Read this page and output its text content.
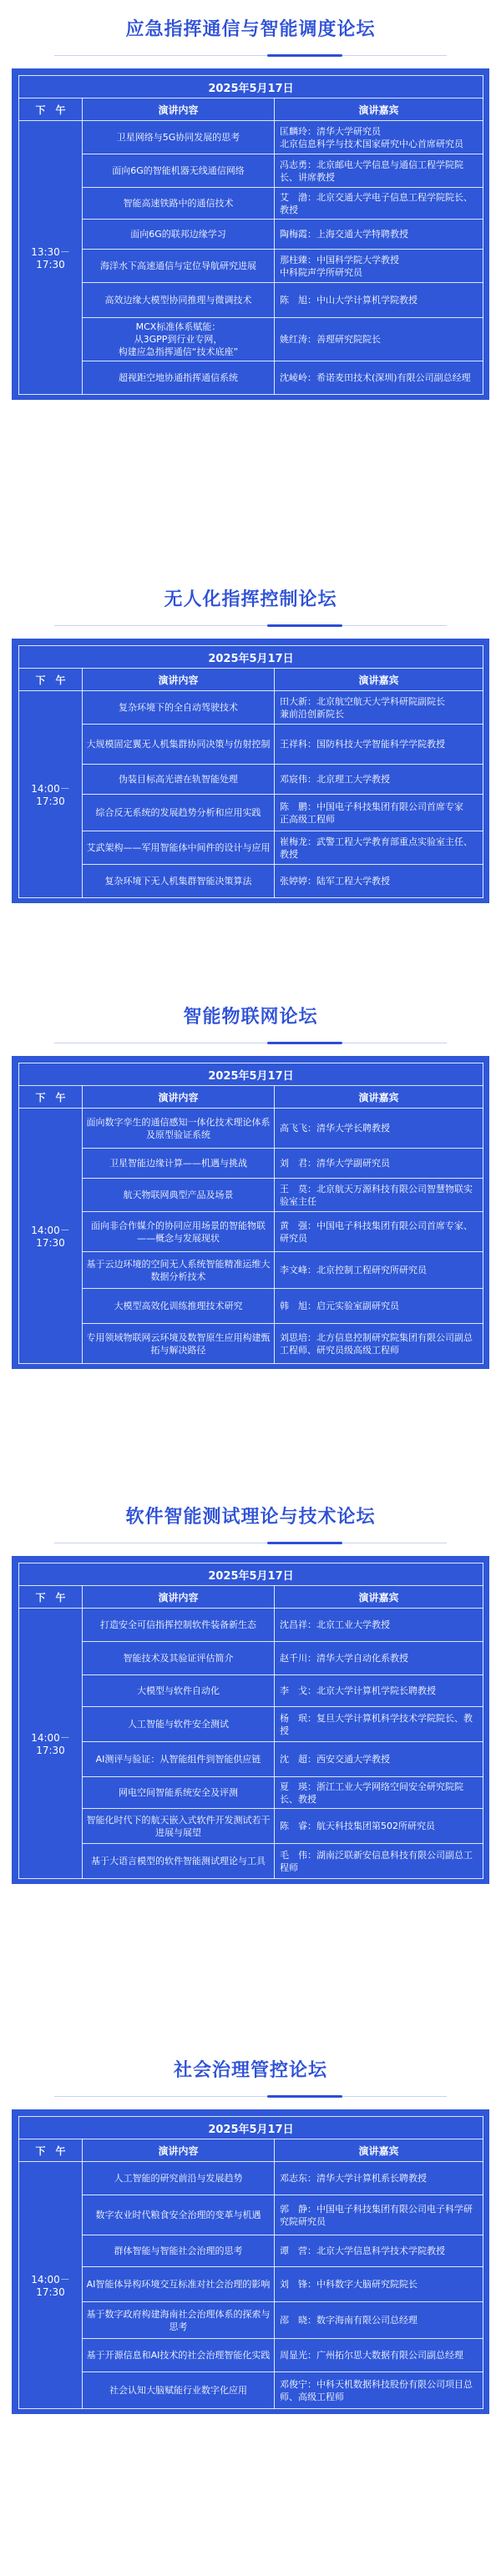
应急指挥通信与智能调度论坛
2025年5月17日		
下　午	演讲内容	演讲嘉宾
13:30－17:30	卫星网络与5G协同发展的思考	匡麟玲：清华大学研究员
北京信息科学与技术国家研究中心首席研究员
	面向6G的智能机器无线通信网络	冯志勇：北京邮电大学信息与通信工程学院院长、讲席教授
	智能高速铁路中的通信技术	艾　渤：北京交通大学电子信息工程学院院长、教授
	面向6G的联邦边缘学习	陶梅霞：上海交通大学特聘教授
	海洋水下高速通信与定位导航研究进展	那柱臻：中国科学院大学教授
中科院声学所研究员
	高效边缘大模型协同推理与微调技术	陈　旭：中山大学计算机学院教授
	MCX标准体系赋能：
从3GPP到行业专网，
构建应急指挥通信“技术底座”	姚红涛：善理研究院院长
	超视距空地协通指挥通信系统	沈崚岭：希诺麦田技术(深圳)有限公司副总经理
无人化指挥控制论坛
2025年5月17日		
下　午	演讲内容	演讲嘉宾
14:00－17:30	复杂环境下的全自动驾驶技术	田大新：北京航空航天大学科研院副院长
兼前沿创新院长
	大规模固定翼无人机集群协同决策与仿射控制	王祥科：国防科技大学智能科学学院教授
	伪装目标高光谱在轨智能处理	邓宸伟：北京理工大学教授
	综合反无系统的发展趋势分析和应用实践	陈　鹏：中国电子科技集团有限公司首席专家
正高级工程师
	艾武架构——军用智能体中间件的设计与应用	崔梅龙：武警工程大学教育部重点实验室主任、教授
	复杂环境下无人机集群智能决策算法	张婷婷：陆军工程大学教授
智能物联网论坛
2025年5月17日		
下　午	演讲内容	演讲嘉宾
14:00－17:30	面向数字孪生的通信感知一体化技术理论体系及原型验证系统	高飞飞：清华大学长聘教授
	卫星智能边缘计算——机遇与挑战	刘　君：清华大学副研究员
	航天物联网典型产品及场景	王　莫：北京航天万源科技有限公司智慧物联实验室主任
	面向非合作媒介的协同应用场景的智能物联——概念与发展现状	黄　强：中国电子科技集团有限公司首席专家、研究员
	基于云边环境的空间无人系统智能精准运维大数据分析技术	李文峰：北京控制工程研究所研究员
	大模型高效化训练推理技术研究	韩　旭：启元实验室副研究员
	专用领域物联网云环境及数智原生应用构建甄拓与解决路径	刘思培：北方信息控制研究院集团有限公司副总工程师、研究员级高级工程师
软件智能测试理论与技术论坛
2025年5月17日		
下　午	演讲内容	演讲嘉宾
14:00－17:30	打造安全可信指挥控制软件装备新生态	沈昌祥：北京工业大学教授
	智能技术及其验证评估简介	赵千川：清华大学自动化系教授
	大模型与软件自动化	李　戈：北京大学计算机学院长聘教授
	人工智能与软件安全测试	杨　珉：复旦大学计算机科学技术学院院长、教授
	AI测评与验证：从智能组件到智能供应链	沈　超：西安交通大学教授
	网电空间智能系统安全及评测	夏　瑛：浙江工业大学网络空间安全研究院院长、教授
	智能化时代下的航天嵌入式软件开发测试若干进展与展望	陈　睿：航天科技集团第502所研究员
	基于大语言模型的软件智能测试理论与工具	毛　伟：湖南泛联新安信息科技有限公司副总工程师
社会治理管控论坛
2025年5月17日		
下　午	演讲内容	演讲嘉宾
14:00－17:30	人工智能的研究前沿与发展趋势	邓志东：清华大学计算机系长聘教授
	数字农业时代粮食安全治理的变革与机遇	郭　静：中国电子科技集团有限公司电子科学研究院研究员
	群体智能与智能社会治理的思考	谭　营：北京大学信息科学技术学院教授
	AI智能体异构环境交互标准对社会治理的影响	刘　锋：中科数字大脑研究院院长
	基于数字政府构建海南社会治理体系的探索与思考	邵　晓：数字海南有限公司总经理
	基于开源信息和AI技术的社会治理智能化实践	周显光：广州拓尔思大数据有限公司副总经理
	社会认知大脑赋能行业数字化应用	邓俊宁：中科天机数据科技股份有限公司项目总师、高级工程师
